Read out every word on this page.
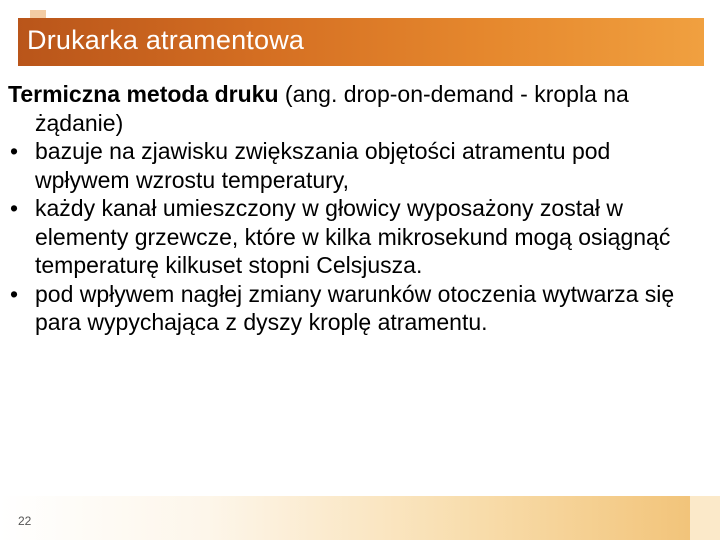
Drukarka atramentowa

Termiczna metoda druku (ang. drop-on-demand - kropla na żądanie)

• bazuje na zjawisku zwiększania objętości atramentu pod wpływem wzrostu temperatury,
• każdy kanał umieszczony w głowicy wyposażony został w elementy grzewcze, które w kilka mikrosekund mogą osiągnąć temperaturę kilkuset stopni Celsjusza.
• pod wpływem nagłej zmiany warunków otoczenia wytwarza się para wypychająca z dyszy kroplę atramentu.
22
